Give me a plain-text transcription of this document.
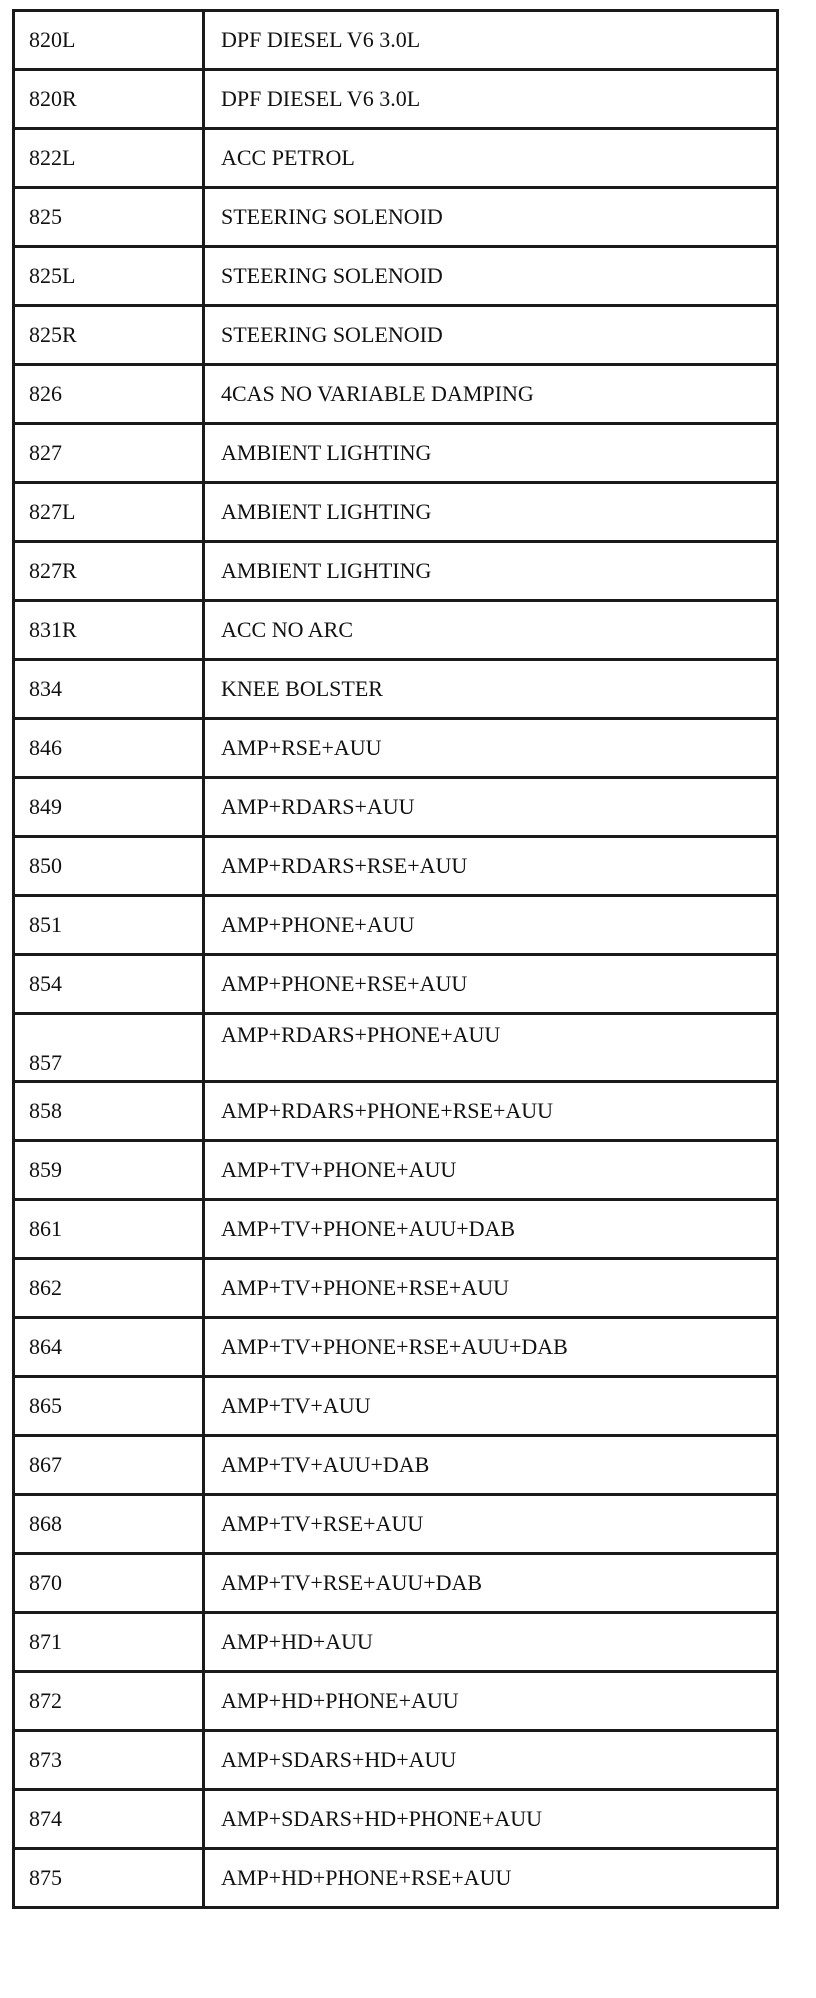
820L	DPF DIESEL V6 3.0L
820R	DPF DIESEL V6 3.0L
822L	ACC PETROL
825	STEERING SOLENOID
825L	STEERING SOLENOID
825R	STEERING SOLENOID
826	4CAS NO VARIABLE DAMPING
827	AMBIENT LIGHTING
827L	AMBIENT LIGHTING
827R	AMBIENT LIGHTING
831R	ACC NO ARC
834	KNEE BOLSTER
846	AMP+RSE+AUU
849	AMP+RDARS+AUU
850	AMP+RDARS+RSE+AUU
851	AMP+PHONE+AUU
854	AMP+PHONE+RSE+AUU
857	AMP+RDARS+PHONE+AUU
858	AMP+RDARS+PHONE+RSE+AUU
859	AMP+TV+PHONE+AUU
861	AMP+TV+PHONE+AUU+DAB
862	AMP+TV+PHONE+RSE+AUU
864	AMP+TV+PHONE+RSE+AUU+DAB
865	AMP+TV+AUU
867	AMP+TV+AUU+DAB
868	AMP+TV+RSE+AUU
870	AMP+TV+RSE+AUU+DAB
871	AMP+HD+AUU
872	AMP+HD+PHONE+AUU
873	AMP+SDARS+HD+AUU
874	AMP+SDARS+HD+PHONE+AUU
875	AMP+HD+PHONE+RSE+AUU
